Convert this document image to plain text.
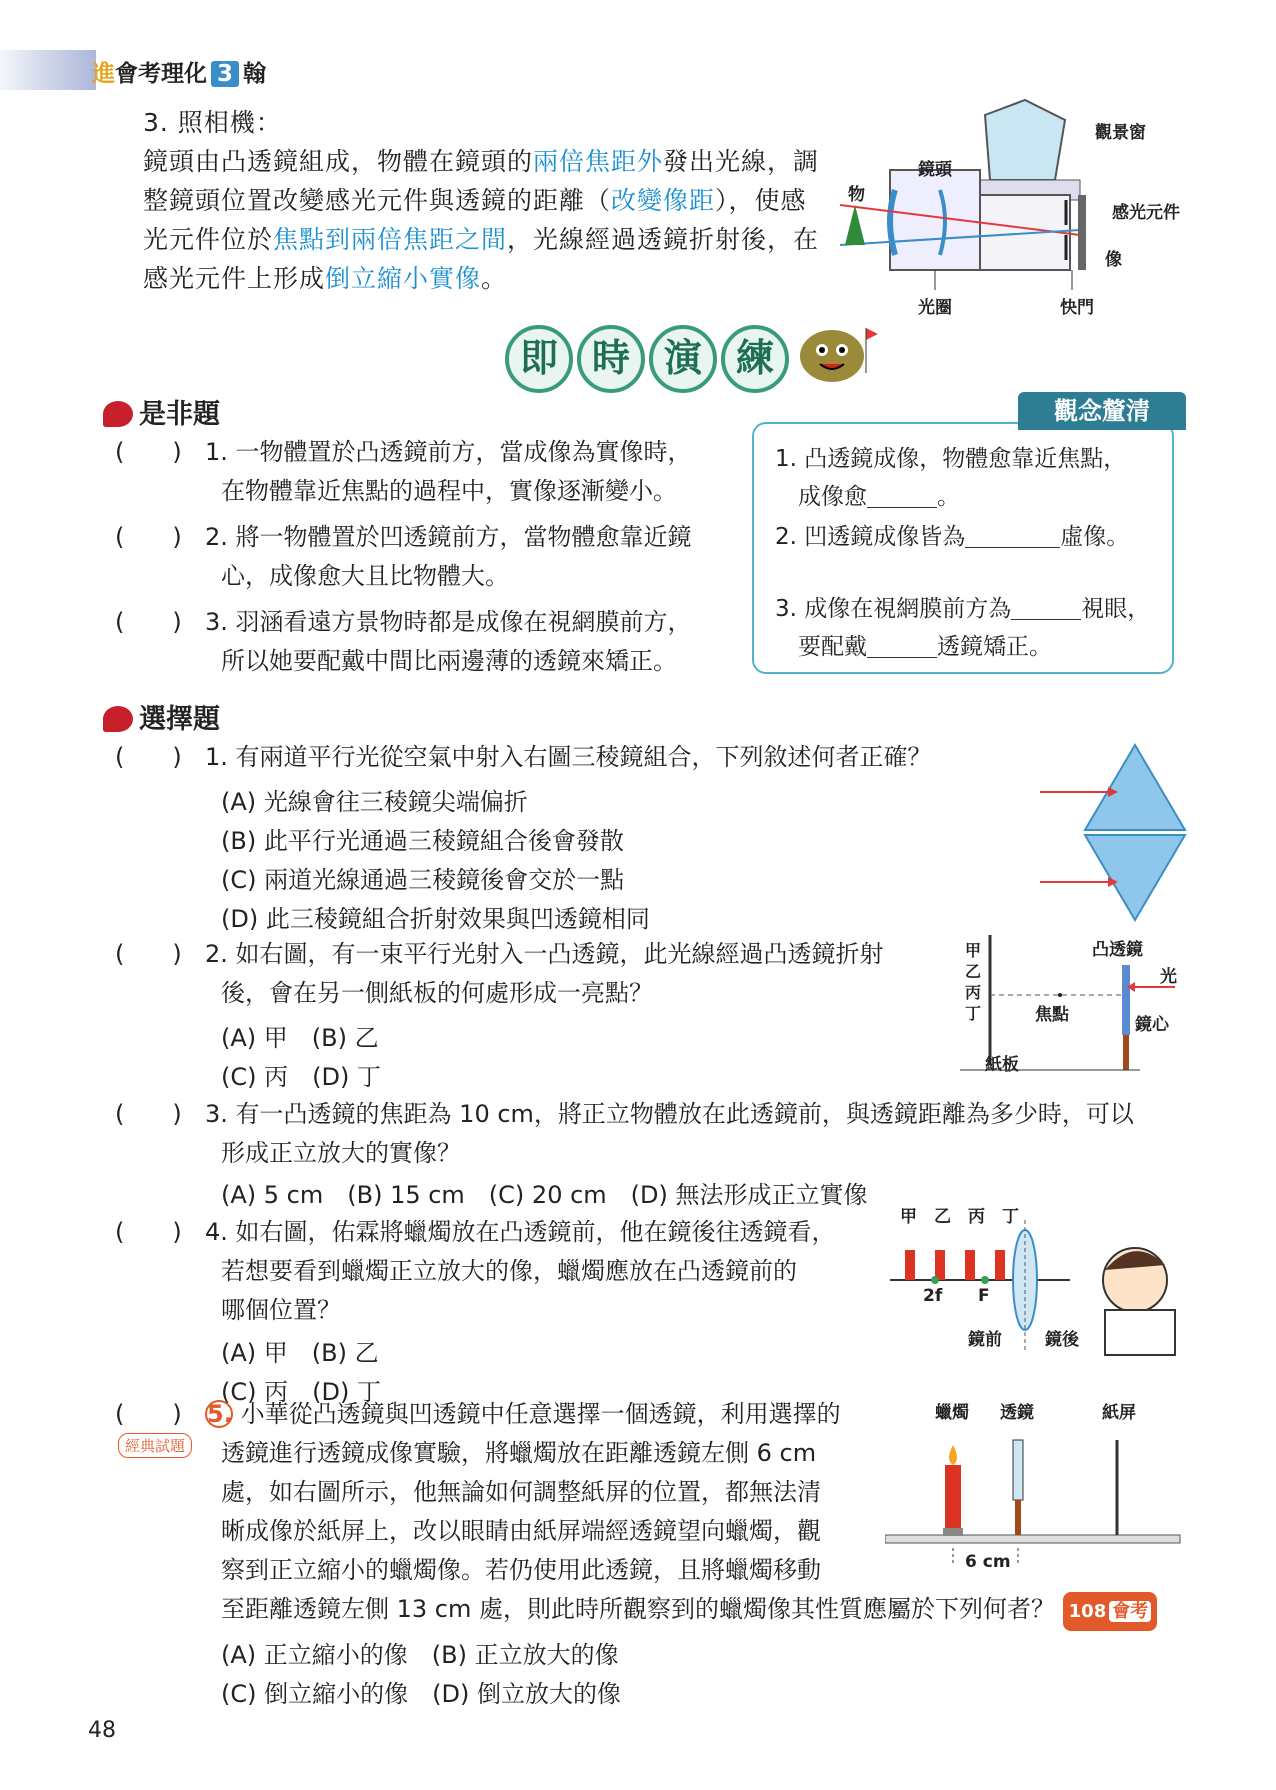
進會考理化 3 翰
3. 照相機：
鏡頭由凸透鏡組成，物體在鏡頭的兩倍焦距外發出光線，調
整鏡頭位置改變感光元件與透鏡的距離（改變像距），使感
光元件位於焦點到兩倍焦距之間，光線經過透鏡折射後，在
感光元件上形成倒立縮小實像。
觀景窗
鏡頭
物
感光元件
像
光圈	快門
即 時 演 練
是非題
(　　) 1. 一物體置於凸透鏡前方，當成像為實像時，
在物體靠近焦點的過程中，實像逐漸變小。
(　　) 2. 將一物體置於凹透鏡前方，當物體愈靠近鏡
心，成像愈大且比物體大。
(　　) 3. 羽涵看遠方景物時都是成像在視網膜前方，
所以她要配戴中間比兩邊薄的透鏡來矯正。
觀念釐清
1. 凸透鏡成像，物體愈靠近焦點，
成像愈	。
2. 凹透鏡成像皆為	虛像。
3. 成像在視網膜前方為	視眼，
要配戴	透鏡矯正。
選擇題
(　　) 1. 有兩道平行光從空氣中射入右圖三稜鏡組合，下列敘述何者正確？
(A) 光線會往三稜鏡尖端偏折
(B) 此平行光通過三稜鏡組合後會發散
(C) 兩道光線通過三稜鏡後會交於一點
(D) 此三稜鏡組合折射效果與凹透鏡相同
(　　) 2. 如右圖，有一束平行光射入一凸透鏡，此光線經過凸透鏡折射
後，會在另一側紙板的何處形成一亮點？
(A) 甲　(B) 乙
(C) 丙　(D) 丁
甲
乙
丙
丁
凸透鏡
光
焦點	鏡心
紙板
(　　) 3. 有一凸透鏡的焦距為 10 cm，將正立物體放在此透鏡前，與透鏡距離為多少時，可以
形成正立放大的實像？
(A) 5 cm　(B) 15 cm　(C) 20 cm　(D) 無法形成正立實像
(　　) 4. 如右圖，佑霖將蠟燭放在凸透鏡前，他在鏡後往透鏡看，
若想要看到蠟燭正立放大的像，蠟燭應放在凸透鏡前的
哪個位置？
(A) 甲　(B) 乙
(C) 丙　(D) 丁
甲　 乙　 丙　 丁
2f F
鏡前	鏡後
(　　) 5. 小華從凸透鏡與凹透鏡中任意選擇一個透鏡，利用選擇的
經典試題 透鏡進行透鏡成像實驗，將蠟燭放在距離透鏡左側 6 cm
處，如右圖所示，他無論如何調整紙屏的位置，都無法清
晰成像於紙屏上，改以眼睛由紙屏端經透鏡望向蠟燭，觀
察到正立縮小的蠟燭像。若仍使用此透鏡，且將蠟燭移動
至距離透鏡左側 13 cm 處，則此時所觀察到的蠟燭像其性質應屬於下列何者？ 108 會考
(A) 正立縮小的像　(B) 正立放大的像
(C) 倒立縮小的像　(D) 倒立放大的像
蠟燭 透鏡	紙屏
6 cm
48
